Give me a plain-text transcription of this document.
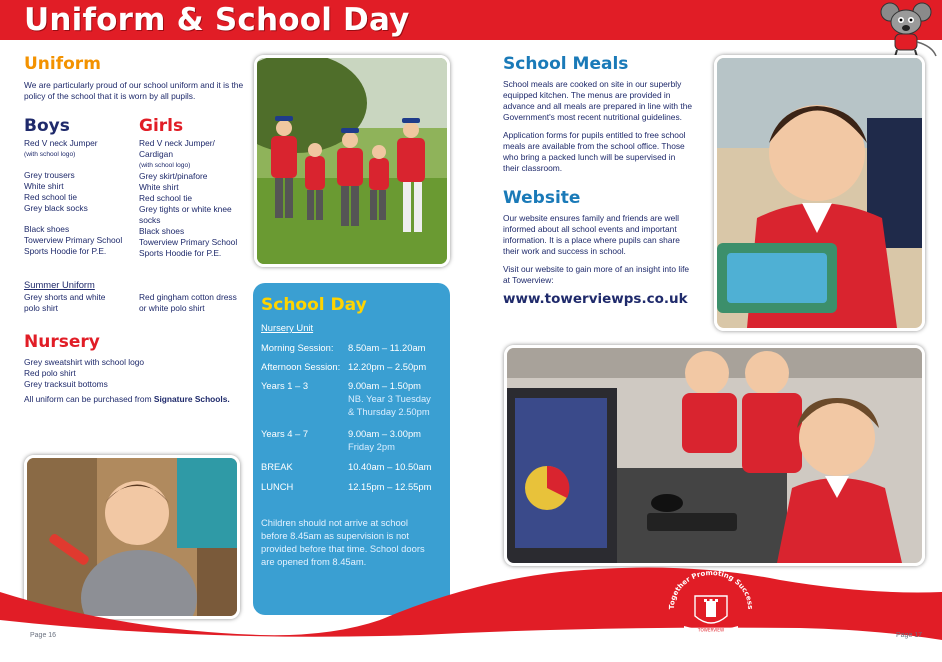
Uniform & School Day
Uniform
We are particularly proud of our school uniform and it is the
policy of the school that it is worn by all pupils.
Boys
Red V neck Jumper
(with school logo)
Grey trousers
White shirt
Red school tie
Grey black socks
Black shoes
Towerview Primary School
Sports Hoodie for P.E.
Summer Uniform
Grey shorts and white
polo shirt
Girls
Red V neck Jumper/
Cardigan
(with school logo)
Grey skirt/pinafore
White shirt
Red school tie
Grey tights or white knee
socks
Black shoes
Towerview Primary School
Sports Hoodie for P.E.
Red gingham cotton dress
or white polo shirt
Nursery
Grey sweatshirt with school logo
Red polo shirt
Grey tracksuit bottoms
All uniform can be purchased from Signature Schools.
School Day
Nursery Unit
Morning Session: 8.50am – 11.20am
Afternoon Session: 12.20pm – 2.50pm
Years 1 – 3	9.00am – 1.50pm
NB. Year 3 Tuesday
& Thursday 2.50pm
Years 4 – 7	9.00am – 3.00pm
Friday 2pm
BREAK	10.40am – 10.50am
LUNCH	12.15pm – 12.55pm
Children should not arrive at school
before 8.45am as supervision is not
provided before that time. School doors
are opened from 8.45am.
School Meals
School meals are cooked on site in our superbly
equipped kitchen. The menus are provided in
advance and all meals are prepared in line with the
Government's most recent nutritional guidelines.
Application forms for pupils entitled to free school
meals are available from the school office. Those
who bring a packed lunch will be supervised in
their classroom.
Website
Our website ensures family and friends are well
informed about all school events and important
information. It is a place where pupils can share
their work and success in school.
Visit our website to gain more of an insight into life
at Towerview:
www.towerviewps.co.uk
Together Promoting Success
TOWERVIEW
Page 16	Page 17
